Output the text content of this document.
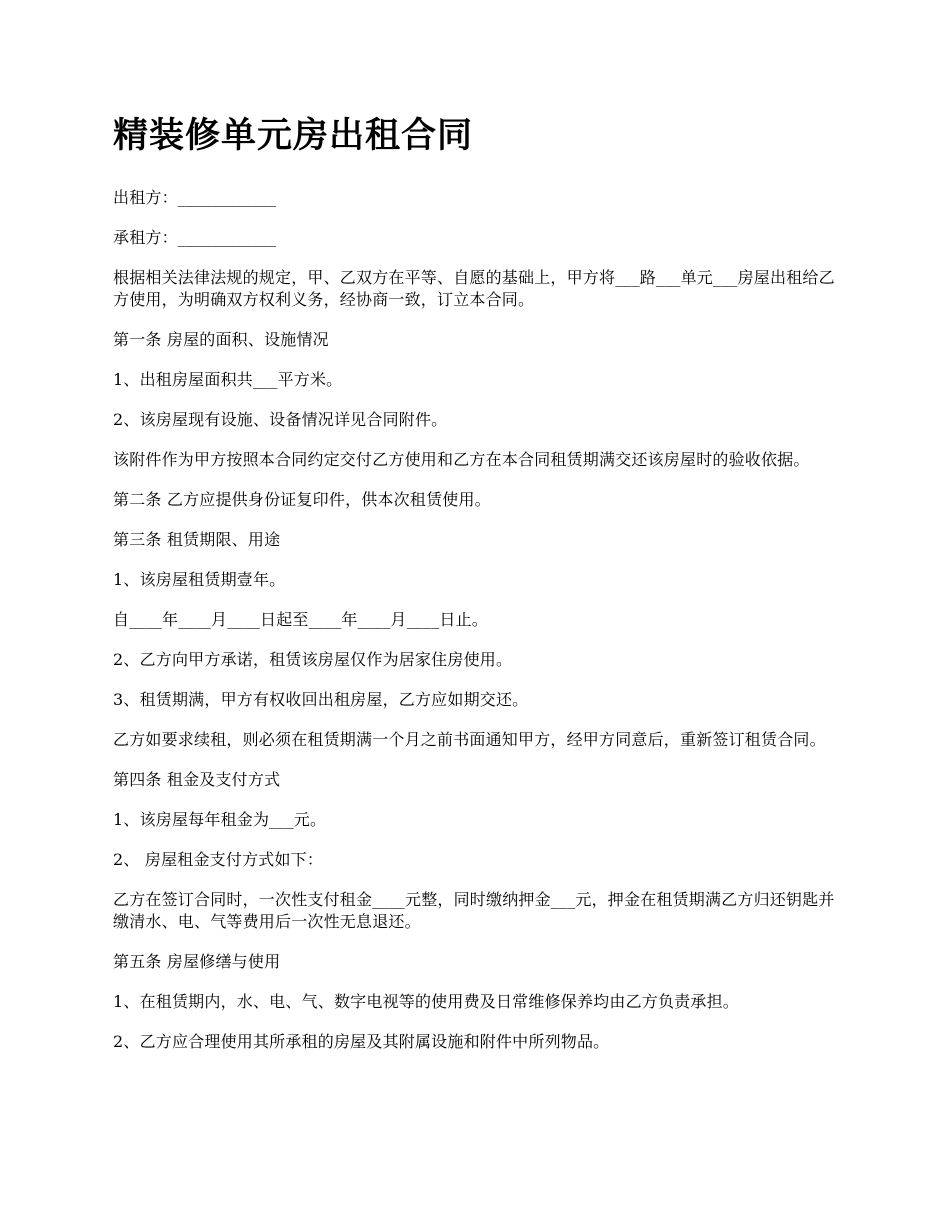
精装修单元房出租合同

出租方：____________

承租方：____________

根据相关法律法规的规定，甲、乙双方在平等、自愿的基础上，甲方将___路___单元___房屋出租给乙方使用，为明确双方权利义务，经协商一致，订立本合同。

第一条 房屋的面积、设施情况

1、出租房屋面积共___平方米。

2、该房屋现有设施、设备情况详见合同附件。

该附件作为甲方按照本合同约定交付乙方使用和乙方在本合同租赁期满交还该房屋时的验收依据。

第二条 乙方应提供身份证复印件，供本次租赁使用。

第三条 租赁期限、用途

1、该房屋租赁期壹年。

自____年____月____日起至____年____月____日止。

2、乙方向甲方承诺，租赁该房屋仅作为居家住房使用。

3、租赁期满，甲方有权收回出租房屋，乙方应如期交还。

乙方如要求续租，则必须在租赁期满一个月之前书面通知甲方，经甲方同意后，重新签订租赁合同。

第四条 租金及支付方式

1、该房屋每年租金为___元。

2、 房屋租金支付方式如下：

乙方在签订合同时，一次性支付租金____元整，同时缴纳押金___元，押金在租赁期满乙方归还钥匙并缴清水、电、气等费用后一次性无息退还。

第五条 房屋修缮与使用

1、在租赁期内，水、电、气、数字电视等的使用费及日常维修保养均由乙方负责承担。

2、乙方应合理使用其所承租的房屋及其附属设施和附件中所列物品。
